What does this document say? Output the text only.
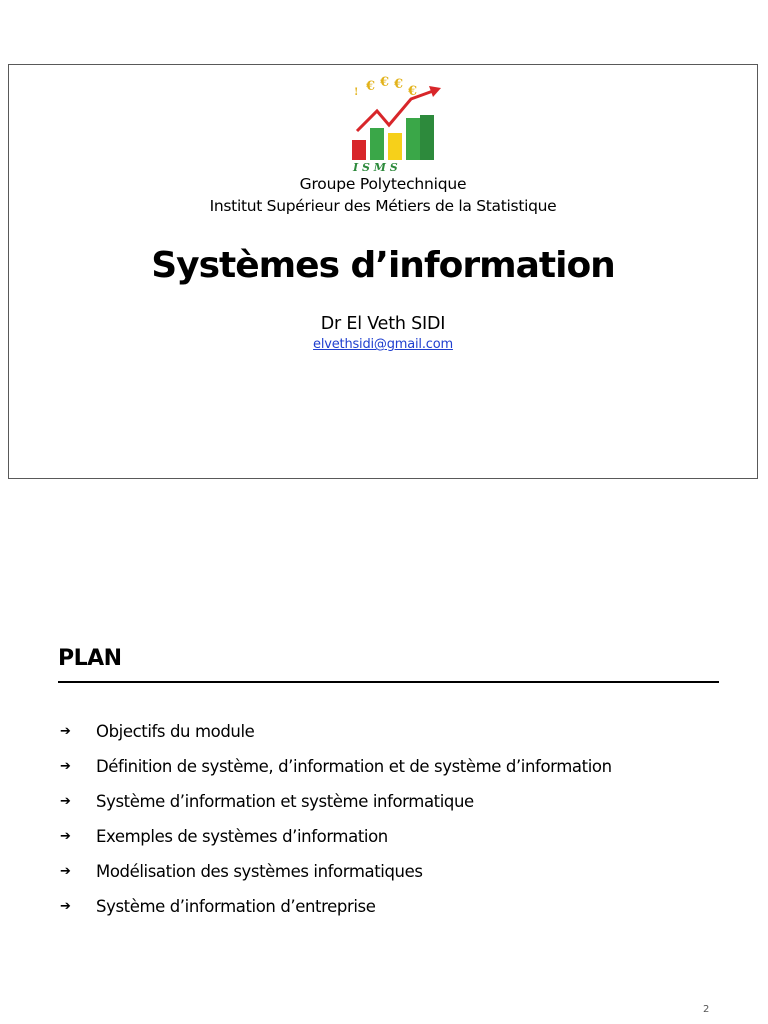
! € € € €
I S M S
Groupe Polytechnique
Institut Supérieur des Métiers de la Statistique
Systèmes d’information
Dr El Veth SIDI
elvethsidi@gmail.com
PLAN
➔	Objectifs du module
➔	Définition de système, d’information et de système d’information
➔	Système d’information et système informatique
➔	Exemples de systèmes d’information
➔	Modélisation des systèmes informatiques
➔	Système d’information d’entreprise
2
